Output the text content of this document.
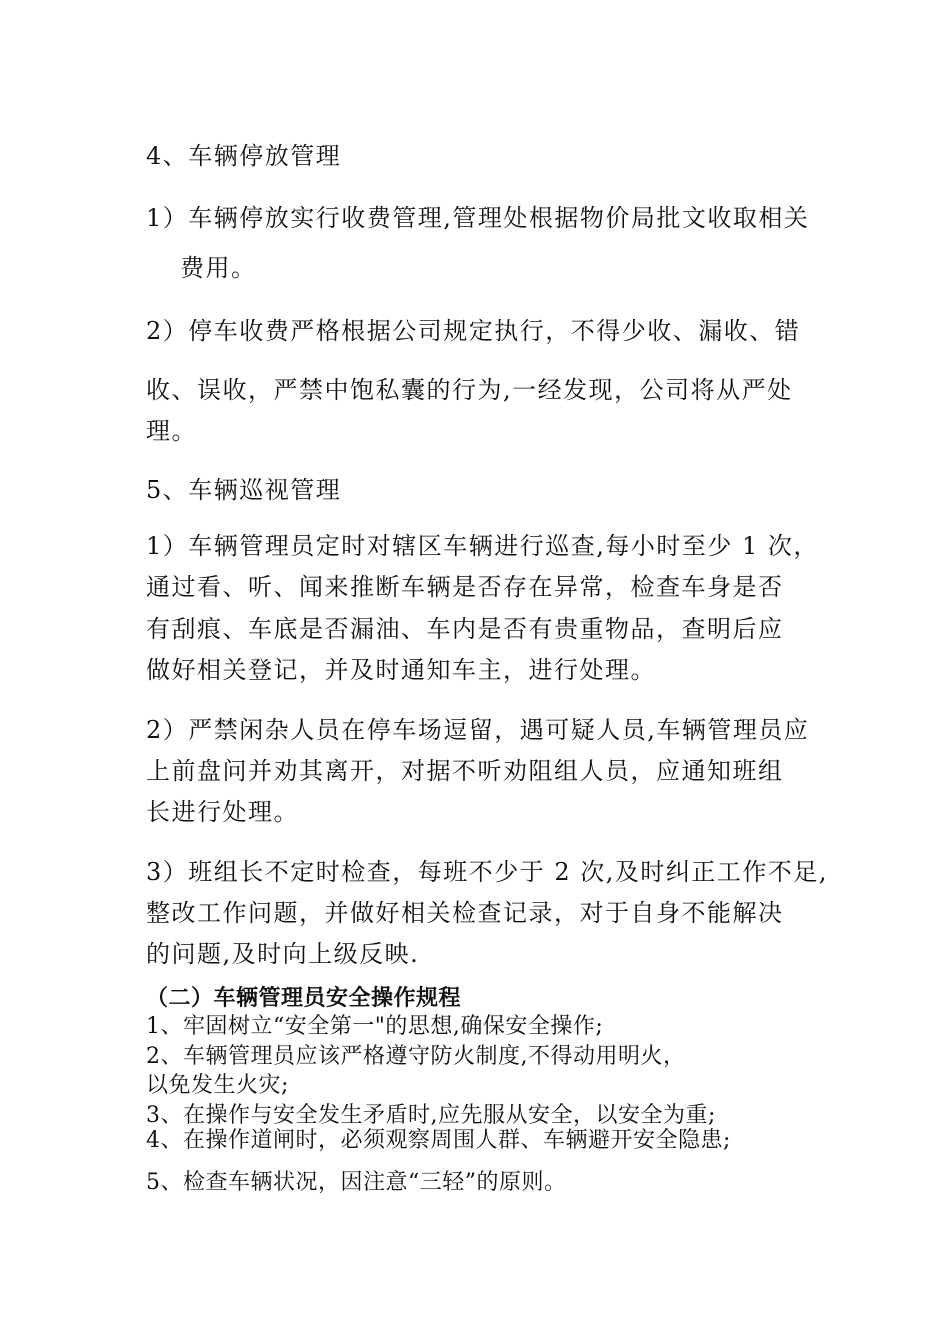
4、车辆停放管理
1）车辆停放实行收费管理,管理处根据物价局批文收取相关
费用。
2）停车收费严格根据公司规定执行，不得少收、漏收、错
收、误收，严禁中饱私囊的行为,一经发现，公司将从严处
理。
5、车辆巡视管理
1）车辆管理员定时对辖区车辆进行巡查,每小时至少 1 次，
通过看、听、闻来推断车辆是否存在异常，检查车身是否
有刮痕、车底是否漏油、车内是否有贵重物品，查明后应
做好相关登记，并及时通知车主，进行处理。
2）严禁闲杂人员在停车场逗留，遇可疑人员,车辆管理员应
上前盘问并劝其离开，对据不听劝阻组人员，应通知班组
长进行处理。
3）班组长不定时检查，每班不少于 2 次,及时纠正工作不足,
整改工作问题，并做好相关检查记录，对于自身不能解决
的问题,及时向上级反映.
（二）车辆管理员安全操作规程
1、牢固树立“安全第一"的思想,确保安全操作;
2、车辆管理员应该严格遵守防火制度,不得动用明火，
以免发生火灾;
3、在操作与安全发生矛盾时,应先服从安全，以安全为重;
4、在操作道闸时，必须观察周围人群、车辆避开安全隐患;
5、检查车辆状况，因注意“三轻”的原则。
